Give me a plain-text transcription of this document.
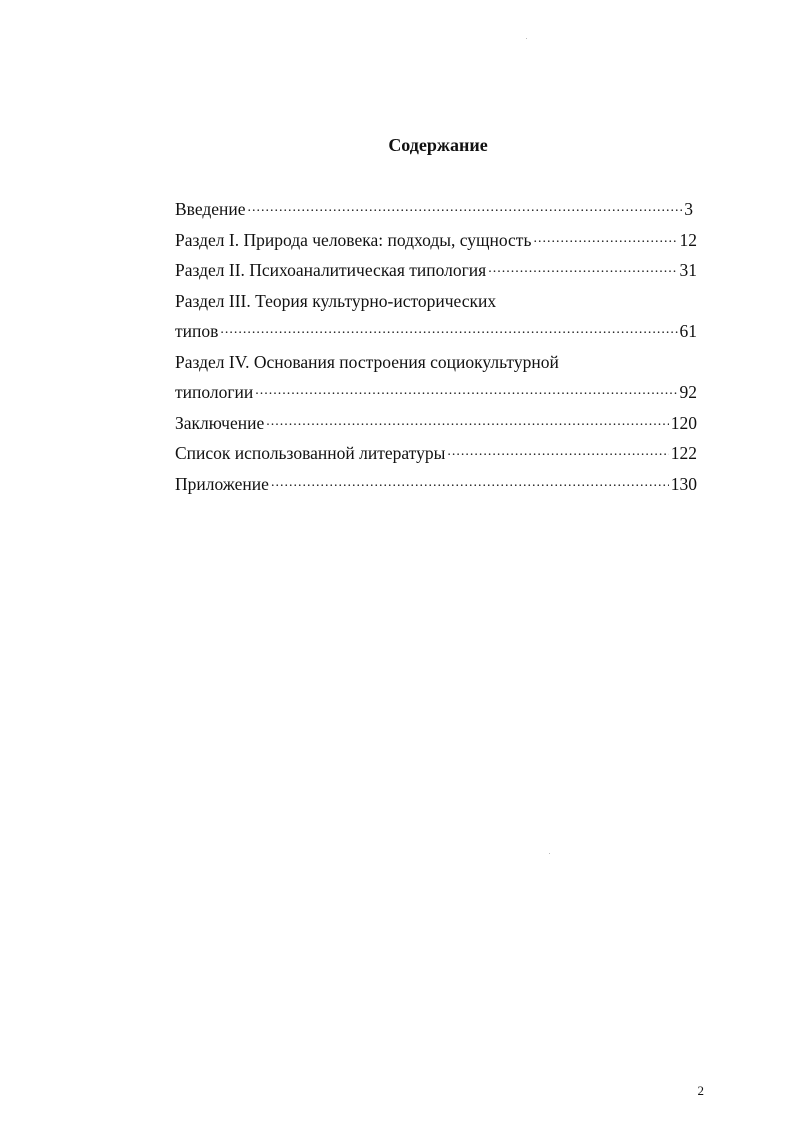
Содержание
Введение .....	3
Раздел I. Природа человека: подходы, сущность .....	12
Раздел II. Психоаналитическая типология .....	31
Раздел III. Теория культурно-исторических
типов .....	61
Раздел IV. Основания построения социокультурной
типологии .....	92
Заключение .....	120
Список использованной литературы .....	122
Приложение .....	130
2
